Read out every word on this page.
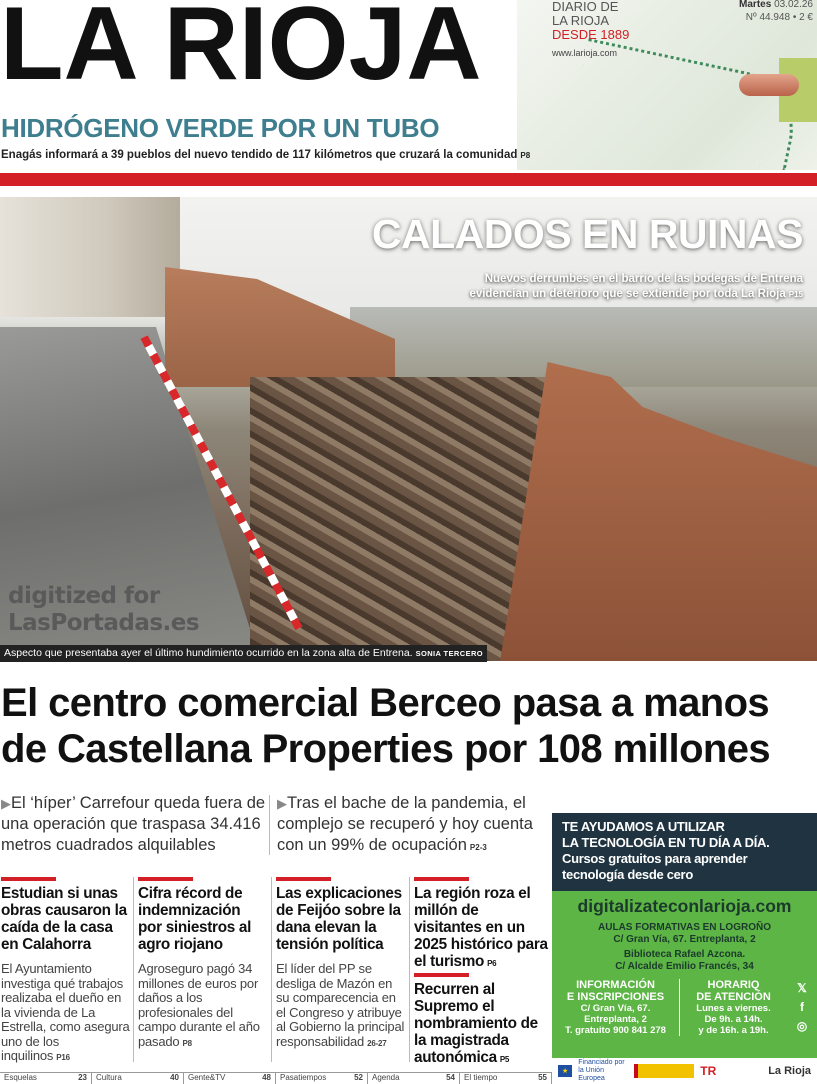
LA RIOJA	DIARIO DE
LA RIOJA
DESDE 1889
www.larioja.com
Martes 03.02.26
Nº 44.948 • 2 €
HIDRÓGENO VERDE POR UN TUBO
Enagás informará a 39 pueblos del nuevo tendido de 117 kilómetros que cruzará la comunidad P8
CALADOS EN RUINAS
Nuevos derrumbes en el barrio de las bodegas de Entrena
evidencian un deterioro que se extiende por toda La Rioja P15
digitized for
LasPortadas.es
Aspecto que presentaba ayer el último hundimiento ocurrido en la zona alta de Entrena. SONIA TERCERO
El centro comercial Berceo pasa a manos
de Castellana Properties por 108 millones
▶El ‘híper’ Carrefour queda fuera de una operación que traspasa 34.416 metros cuadrados alquilables
▶Tras el bache de la pandemia, el complejo se recuperó y hoy cuenta con un 99% de ocupación P2-3
Estudian si unas obras causaron la caída de la casa en Calahorra

El Ayuntamiento investiga qué trabajos realizaba el dueño en la vivienda de La Estrella, como asegura uno de los inquilinos P16

Cifra récord de indemnización por siniestros al agro riojano

Agroseguro pagó 34 millones de euros por daños a los profesionales del campo durante el año pasado P8

Las explicaciones de Feijóo sobre la dana elevan la tensión política

El líder del PP se desliga de Mazón en su comparecencia en el Congreso y atribuye al Gobierno la principal responsabilidad 26-27

La región roza el millón de visitantes en un 2025 histórico para el turismo P6
Recurren al Supremo el nombramiento de la magistrada autonómica P5
TE AYUDAMOS A UTILIZAR
LA TECNOLOGÍA EN TU DÍA A DÍA.
Cursos gratuitos para aprender
tecnología desde cero
digitalizateconlarioja.com
AULAS FORMATIVAS EN LOGROÑO
C/ Gran Vía, 67. Entreplanta, 2
Biblioteca Rafael Azcona.
C/ Alcalde Emilio Francés, 34
INFORMACIÓN
E INSCRIPCIONES
C/ Gran Vía, 67.
Entreplanta, 2
T. gratuito 900 841 278
HORARIQ
DE ATENCIÓN
Lunes a viernes.
De 9h. a 14h.
y de 16h. a 19h.
𝕏
f
◎
★
Financiado por la Unión Europea
TR	La Rioja
Esquelas	23 Cultura	40 Gente&TV	48 Pasatiempos	52 Agenda	54 El tiempo	55
